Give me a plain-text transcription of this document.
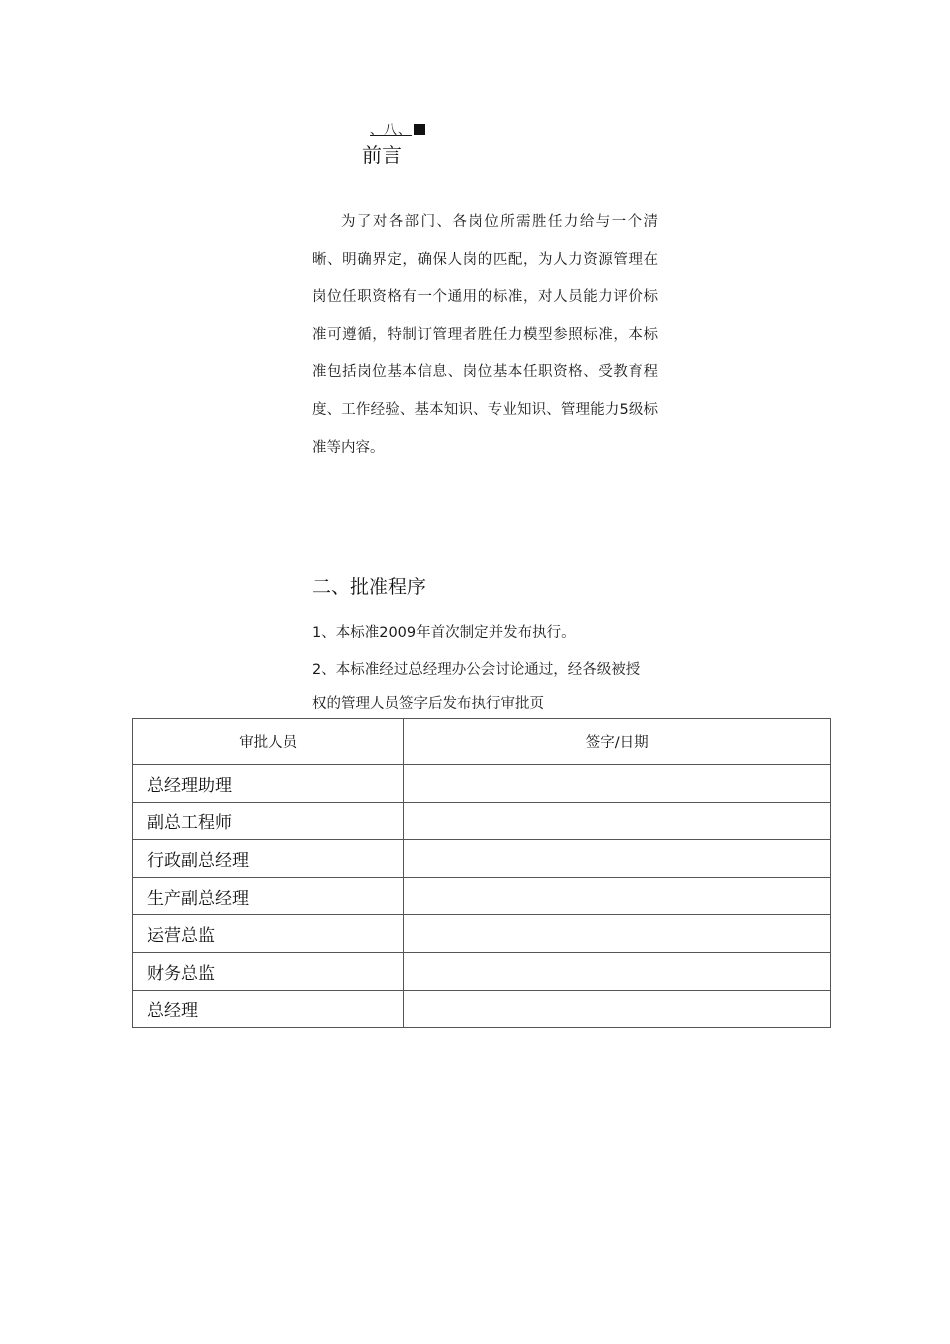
、八、
前言

为了对各部门、各岗位所需胜任力给与一个清晰、明确界定，确保人岗的匹配，为人力资源管理在岗位任职资格有一个通用的标准，对人员能力评价标准可遵循，特制订管理者胜任力模型参照标准，本标准包括岗位基本信息、岗位基本任职资格、受教育程度、工作经验、基本知识、专业知识、管理能力5级标准等内容。

二、批准程序

1、本标准2009年首次制定并发布执行。

2、本标准经过总经理办公会讨论通过，经各级被授权的管理人员签字后发布执行审批页

审批人员	签字/日期
总经理助理	
副总工程师	
行政副总经理	
生产副总经理	
运营总监	
财务总监	
总经理	
